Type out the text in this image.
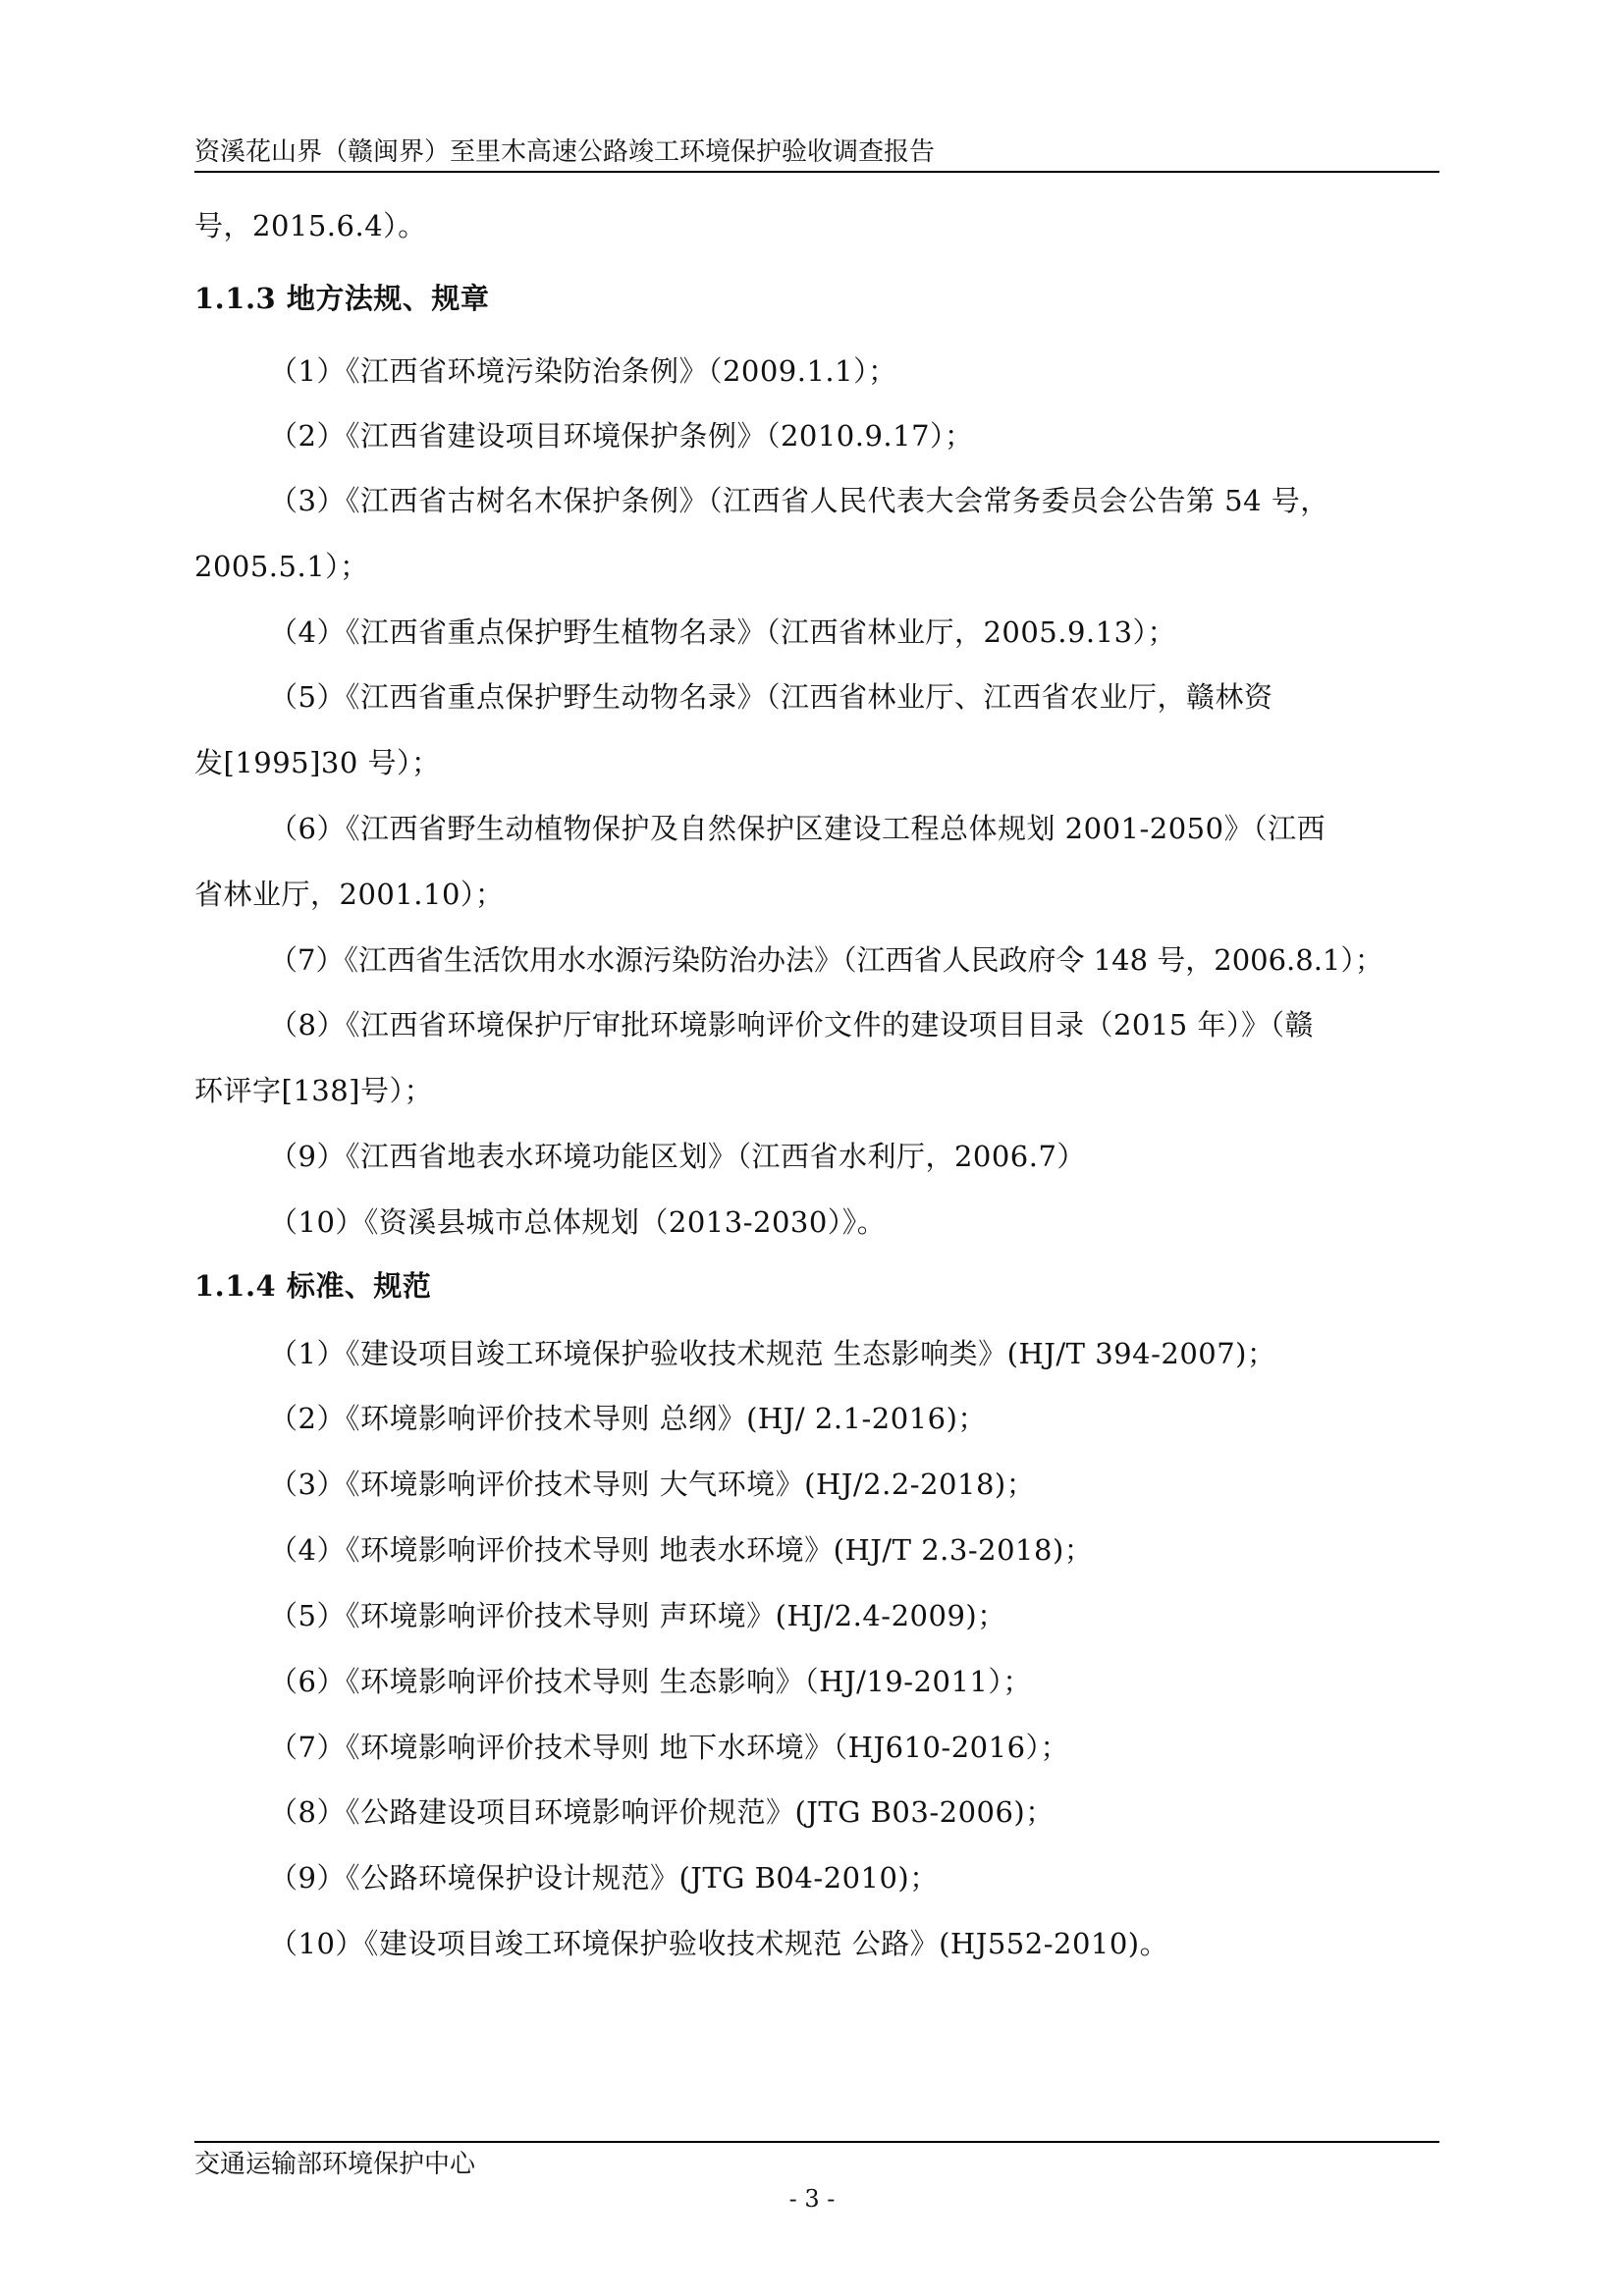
资溪花山界（赣闽界）至里木高速公路竣工环境保护验收调查报告
号，2015.6.4）。
1.1.3 地方法规、规章
（1）《江西省环境污染防治条例》（2009.1.1）；
（2）《江西省建设项目环境保护条例》（2010.9.17）；
（3）《江西省古树名木保护条例》（江西省人民代表大会常务委员会公告第 54 号，
2005.5.1）；
（4）《江西省重点保护野生植物名录》（江西省林业厅，2005.9.13）；
（5）《江西省重点保护野生动物名录》（江西省林业厅、江西省农业厅，赣林资
发[1995]30 号）；
（6）《江西省野生动植物保护及自然保护区建设工程总体规划 2001-2050》（江西
省林业厅，2001.10）；
（7）《江西省生活饮用水水源污染防治办法》（江西省人民政府令 148 号，2006.8.1）；
（8）《江西省环境保护厅审批环境影响评价文件的建设项目目录（2015 年）》（赣
环评字[138]号）；
（9）《江西省地表水环境功能区划》（江西省水利厅，2006.7）
（10）《资溪县城市总体规划（2013-2030）》。
1.1.4 标准、规范
（1）《建设项目竣工环境保护验收技术规范 生态影响类》(HJ/T 394-2007)；
（2）《环境影响评价技术导则 总纲》(HJ/ 2.1-2016)；
（3）《环境影响评价技术导则 大气环境》(HJ/2.2-2018)；
（4）《环境影响评价技术导则 地表水环境》(HJ/T 2.3-2018)；
（5）《环境影响评价技术导则 声环境》(HJ/2.4-2009)；
（6）《环境影响评价技术导则 生态影响》（HJ/19-2011）；
（7）《环境影响评价技术导则 地下水环境》（HJ610-2016）；
（8）《公路建设项目环境影响评价规范》(JTG B03-2006)；
（9）《公路环境保护设计规范》(JTG B04-2010)；
（10）《建设项目竣工环境保护验收技术规范 公路》(HJ552-2010)。
交通运输部环境保护中心
- 3 -
